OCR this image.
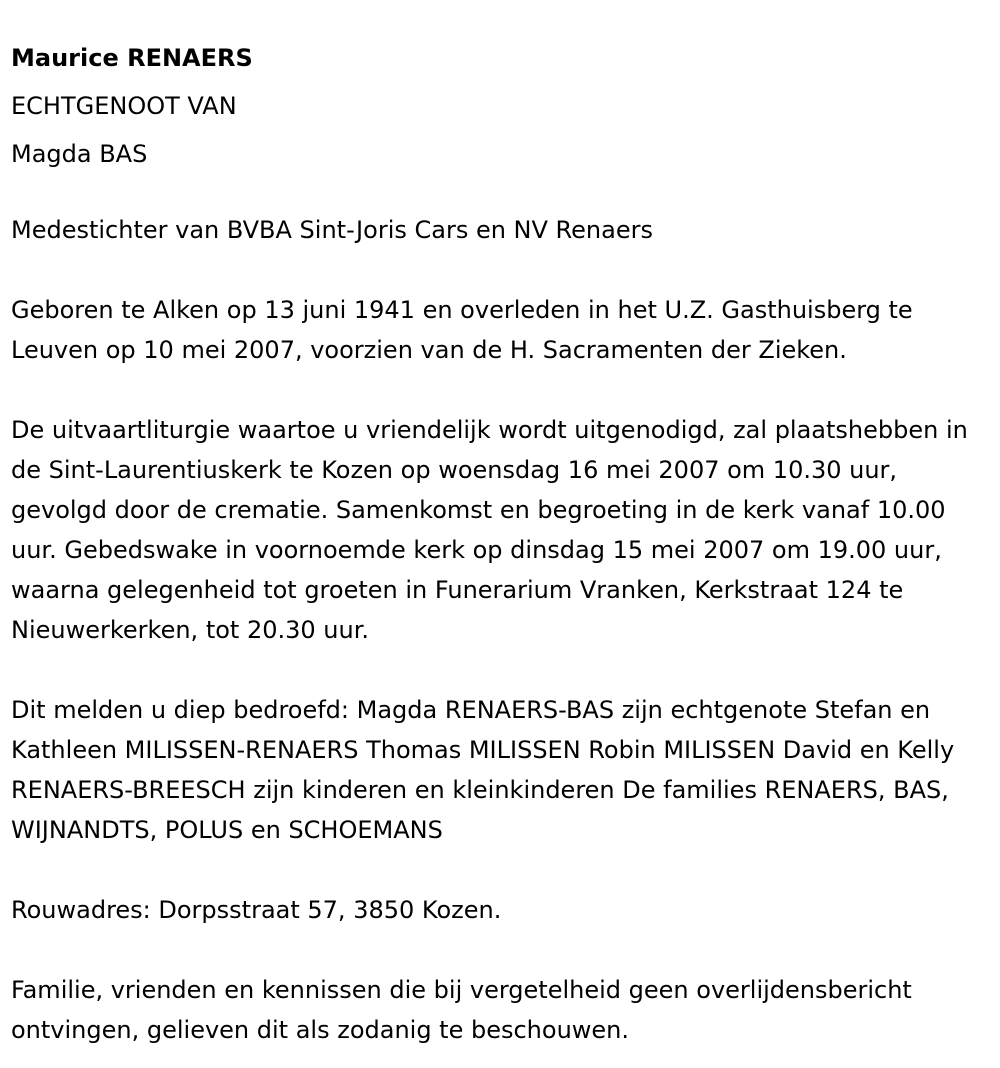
Maurice RENAERS

ECHTGENOOT VAN

Magda BAS

Medestichter van BVBA Sint-Joris Cars en NV Renaers

Geboren te Alken op 13 juni 1941 en overleden in het U.Z. Gasthuisberg te Leuven op 10 mei 2007, voorzien van de H. Sacramenten der Zieken.

De uitvaartliturgie waartoe u vriendelijk wordt uitgenodigd, zal plaatshebben in de Sint-Laurentiuskerk te Kozen op woensdag 16 mei 2007 om 10.30 uur, gevolgd door de crematie. Samenkomst en begroeting in de kerk vanaf 10.00 uur. Gebedswake in voornoemde kerk op dinsdag 15 mei 2007 om 19.00 uur, waarna gelegenheid tot groeten in Funerarium Vranken, Kerkstraat 124 te Nieuwerkerken, tot 20.30 uur.

Dit melden u diep bedroefd: Magda RENAERS-BAS zijn echtgenote Stefan en Kathleen MILISSEN-RENAERS Thomas MILISSEN Robin MILISSEN David en Kelly RENAERS-BREESCH zijn kinderen en kleinkinderen De families RENAERS, BAS, WIJNANDTS, POLUS en SCHOEMANS

Rouwadres: Dorpsstraat 57, 3850 Kozen.

Familie, vrienden en kennissen die bij vergetelheid geen overlijdensbericht ontvingen, gelieven dit als zodanig te beschouwen.
